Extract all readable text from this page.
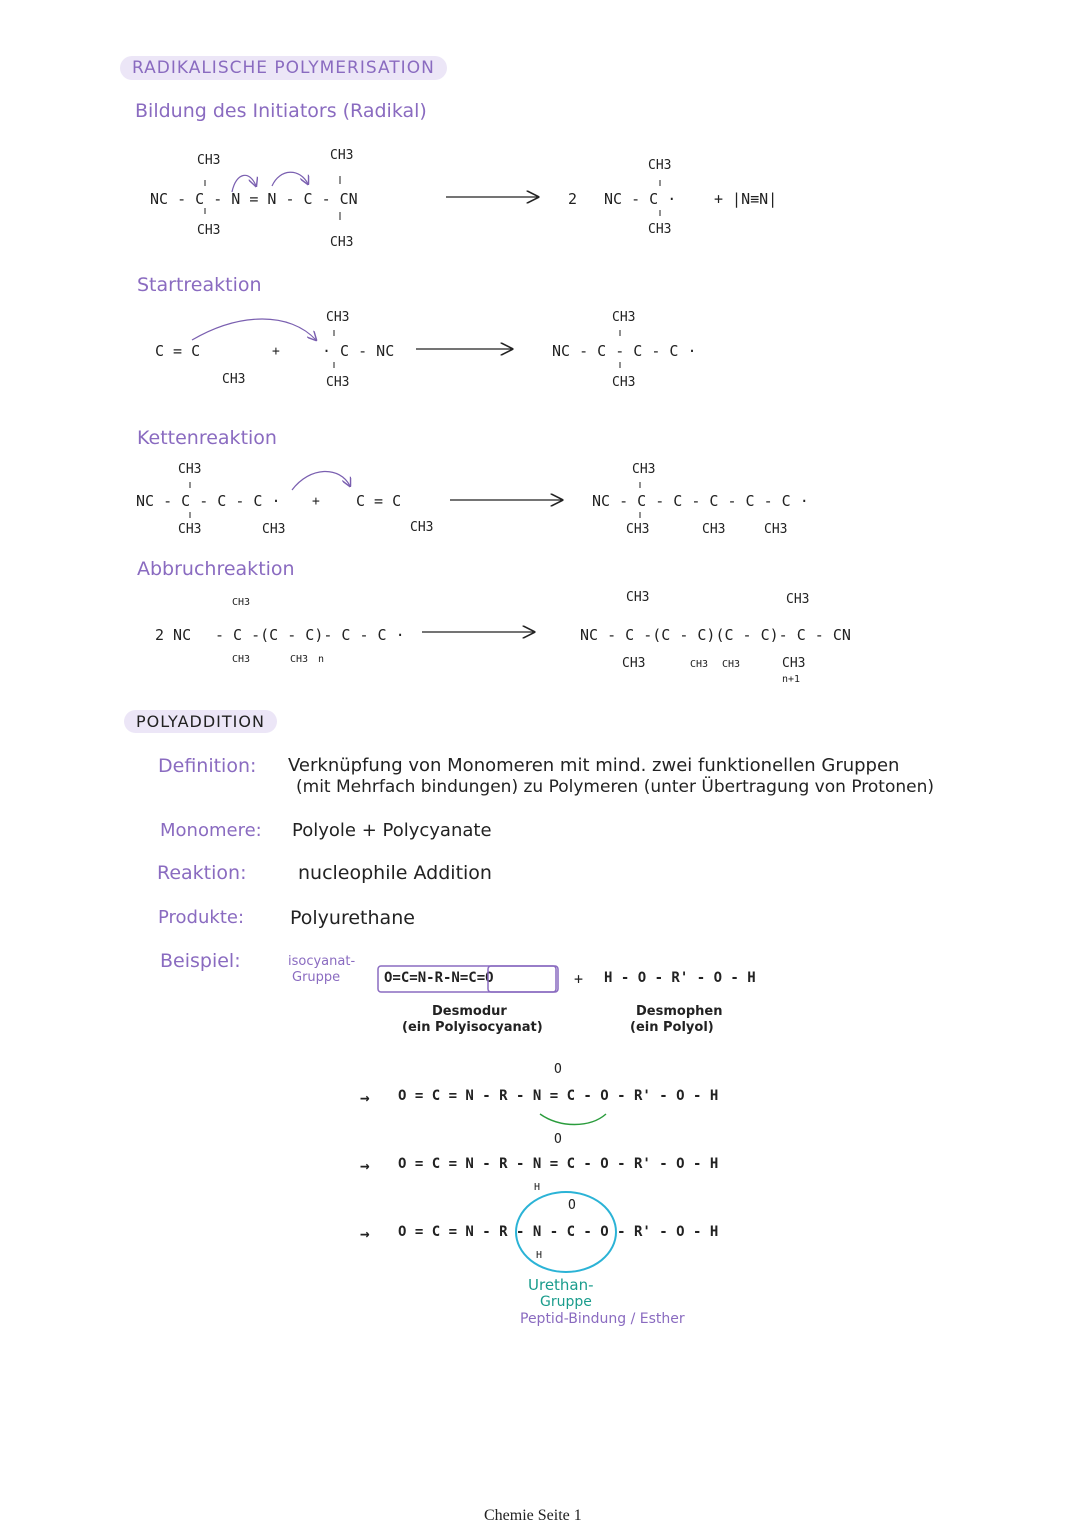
RADIKALISCHE POLYMERISATION
Bildung des Initiators (Radikal)
CH3	CH3
NC - C - N = N - C - CN
CH3
CH3
CH3
2 NC - C ·	+ |N≡N|
CH3
Startreaktion
C = C
CH3
+
CH3
· C - NC
CH3
CH3
NC - C - C - C ·
CH3
Kettenreaktion
CH3
NC - C - C - C ·
CH3	CH3
+ C = C
CH3
CH3
NC - C - C - C - C - C ·
CH3	CH3	CH3
Abbruchreaktion
CH3
2 NC - C -(C - C)- C - C ·
CH3	CH3 n
CH3	CH3
NC - C -(C - C)(C - C)- C - CN
CH3	CH3 CH3	CH3
n+1
POLYADDITION
Definition: Verknüpfung von Monomeren mit mind. zwei funktionellen Gruppen
(mit Mehrfach bindungen) zu Polymeren (unter Übertragung von Protonen)
Monomere: Polyole + Polycyanate
Reaktion:	nucleophile Addition
Produkte: Polyurethane
Beispiel:	isocyanat-
Gruppe	O=C=N-R-N=C=O	+ H - O - R' - O - H
Desmodur
(ein Polyisocyanat)
Desmophen
(ein Polyol)
→
O
O = C = N - R - N = C - O - R' - O - H
→
O
O = C = N - R - N = C - O - R' - O - H
H
→
O
O = C = N - R - N - C - O - R' - O - H
H
Urethan-
Gruppe
Peptid-Bindung / Esther
Chemie Seite 1
